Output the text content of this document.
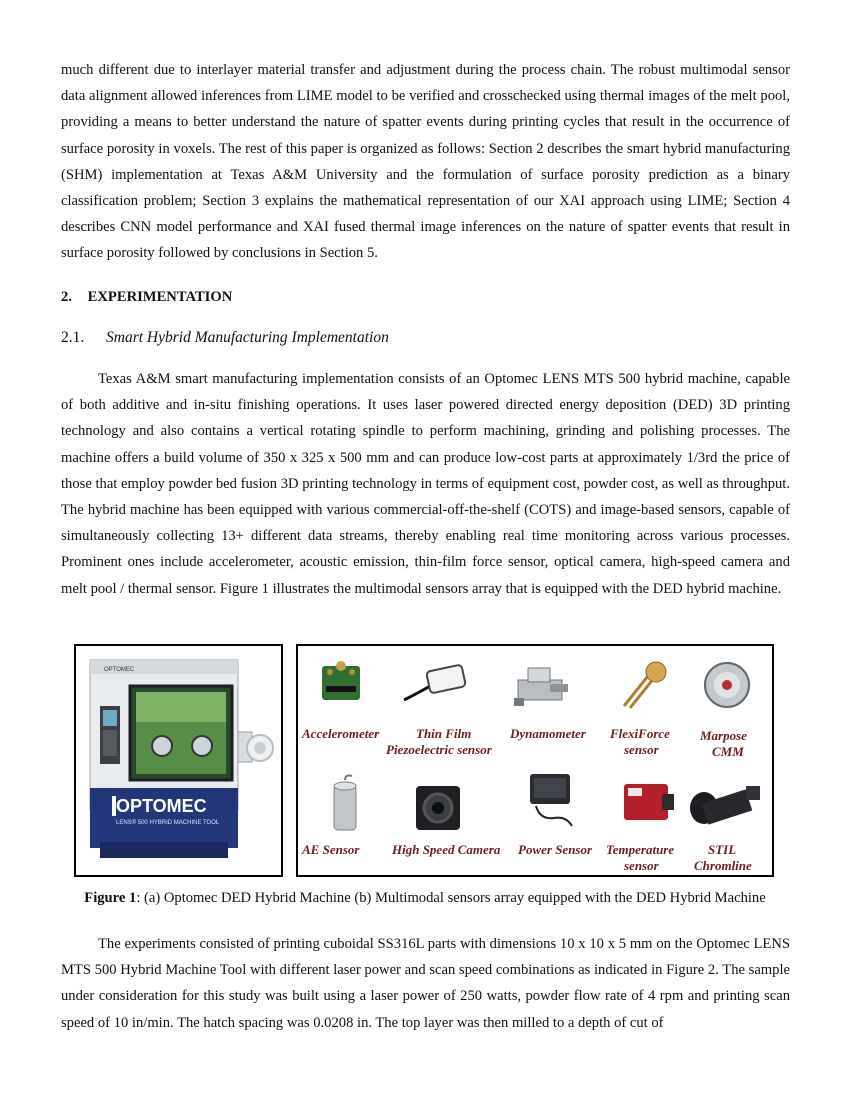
much different due to interlayer material transfer and adjustment during the process chain. The robust multimodal sensor data alignment allowed inferences from LIME model to be verified and crosschecked using thermal images of the melt pool, providing a means to better understand the nature of spatter events during printing cycles that result in the occurrence of surface porosity in voxels. The rest of this paper is organized as follows: Section 2 describes the smart hybrid manufacturing (SHM) implementation at Texas A&M University and the formulation of surface porosity prediction as a binary classification problem; Section 3 explains the mathematical representation of our XAI approach using LIME; Section 4 describes CNN model performance and XAI fused thermal image inferences on the nature of spatter events that result in surface porosity followed by conclusions in Section 5.

2. EXPERIMENTATION
2.1. Smart Hybrid Manufacturing Implementation

Texas A&M smart manufacturing implementation consists of an Optomec LENS MTS 500 hybrid machine, capable of both additive and in-situ finishing operations. It uses laser powered directed energy deposition (DED) 3D printing technology and also contains a vertical rotating spindle to perform machining, grinding and polishing processes. The machine offers a build volume of 350 x 325 x 500 mm and can produce low-cost parts at approximately 1/3rd the price of those that employ powder bed fusion 3D printing technology in terms of equipment cost, powder cost, as well as throughput. The hybrid machine has been equipped with various commercial-off-the-shelf (COTS) and image-based sensors, capable of simultaneously collecting 13+ different data streams, thereby enabling real time monitoring across various processes. Prominent ones include accelerometer, acoustic emission, thin-film force sensor, optical camera, high-speed camera and melt pool / thermal sensor. Figure 1 illustrates the multimodal sensors array that is equipped with the DED hybrid machine.

OPTOMEC
OPTOMEC
LENS® 500 HYBRID MACHINE TOOL
Accelerometer	Thin Film
Piezoelectric sensor
Dynamometer FlexiForce
sensor
Marpose
CMM
AE Sensor	High Speed Camera Power Sensor Temperature
sensor
STIL
Chromline

Figure 1: (a) Optomec DED Hybrid Machine (b) Multimodal sensors array equipped with the DED Hybrid Machine

The experiments consisted of printing cuboidal SS316L parts with dimensions 10 x 10 x 5 mm on the Optomec LENS MTS 500 Hybrid Machine Tool with different laser power and scan speed combinations as indicated in Figure 2. The sample under consideration for this study was built using a laser power of 250 watts, powder flow rate of 4 rpm and printing scan speed of 10 in/min. The hatch spacing was 0.0208 in. The top layer was then milled to a depth of cut of
